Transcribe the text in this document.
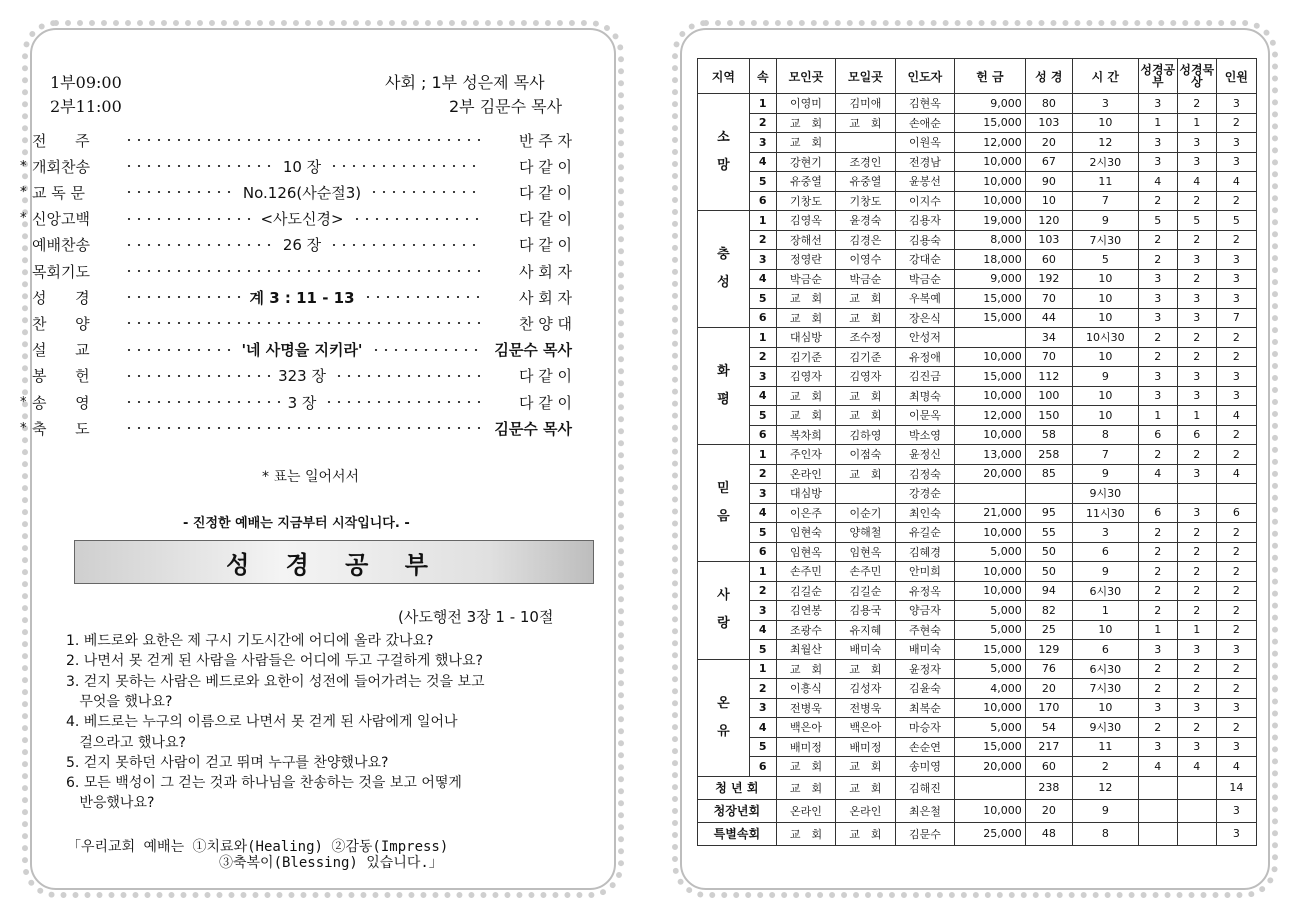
1부09:00
2부11:00
사회 ; 1부 성은제 목사
2부 김문수 목사
전      주	반 주 자
* 개회찬송	10 장	다 같 이
* 교 독 문	No.126(사순절3)	다 같 이
* 신앙고백	<사도신경>	다 같 이
예배찬송	26 장	다 같 이
목회기도	사 회 자
성      경	계 3 : 11 - 13	사 회 자
찬      양	찬 양 대
설      교	'네 사명을 지키라'	김문수 목사
봉      헌	323 장	다 같 이
* 송      영	3 장	다 같 이
* 축      도	김문수 목사
* 표는 일어서서
- 진정한 예배는 지금부터 시작입니다. -
성 경 공 부
(사도행전 3장 1 - 10절
1. 베드로와 요한은 제 구시 기도시간에 어디에 올라 갔나요?
2. 나면서 못 걷게 된 사람을 사람들은 어디에 두고 구걸하게 했나요?
3. 걷지 못하는 사람은 베드로와 요한이 성전에 들어가려는 것을 보고
무엇을 했나요?
4. 베드로는 누구의 이름으로 나면서 못 걷게 된 사람에게 일어나
걸으라고 했나요?
5. 걷지 못하던 사람이 걷고 뛰며 누구를 찬양했나요?
6. 모든 백성이 그 걷는 것과 하나님을 찬송하는 것을 보고 어떻게
반응했나요?
「우리교회 예배는 ①치료와(Healing) ②감동(Impress)
③축복이(Blessing) 있습니다.」
지역	속	모인곳	모일곳	인도자	헌 금	성 경	시 간	성경공부	성경묵상	인원
소

망	1	이영미	김미애	김현옥	9,000	80	3	3	2	3
	2	교　회	교　회	손애순	15,000	103	10	1	1	2
	3	교　회		이원옥	12,000	20	12	3	3	3
	4	강현기	조경인	전경남	10,000	67	2시30	3	3	3
	5	유중열	유중열	윤봉선	10,000	90	11	4	4	4
	6	기창도	기창도	이지수	10,000	10	7	2	2	2
충

성	1	김영옥	윤경숙	김용자	19,000	120	9	5	5	5
	2	장해선	김경은	김용숙	8,000	103	7시30	2	2	2
	3	정영란	이영수	강대순	18,000	60	5	2	3	3
	4	박금순	박금순	박금순	9,000	192	10	3	2	3
	5	교　회	교　회	우복예	15,000	70	10	3	3	3
	6	교　회	교　회	장은식	15,000	44	10	3	3	7
화

평	1	대심방	조수정	안성저		34	10시30	2	2	2
	2	김기준	김기준	유정애	10,000	70	10	2	2	2
	3	김영자	김영자	김진금	15,000	112	9	3	3	3
	4	교　회	교　회	최명숙	10,000	100	10	3	3	3
	5	교　회	교　회	이문옥	12,000	150	10	1	1	4
	6	복차희	김하영	박소영	10,000	58	8	6	6	2
믿

음	1	주인자	이점숙	윤정신	13,000	258	7	2	2	2
	2	온라인	교　회	김정숙	20,000	85	9	4	3	4
	3	대심방		강경순			9시30			
	4	이은주	이순기	최인숙	21,000	95	11시30	6	3	6
	5	임현숙	양해철	유길순	10,000	55	3	2	2	2
	6	임현옥	임현옥	김혜경	5,000	50	6	2	2	2
사

랑	1	손주민	손주민	안미희	10,000	50	9	2	2	2
	2	김길순	김길순	유정옥	10,000	94	6시30	2	2	2
	3	김연봉	김용국	양금자	5,000	82	1	2	2	2
	4	조광수	유지혜	주현숙	5,000	25	10	1	1	2
	5	최월산	배미숙	배미숙	15,000	129	6	3	3	3
온

유	1	교　회	교　회	윤정자	5,000	76	6시30	2	2	2
	2	이흥식	김성자	김윤숙	4,000	20	7시30	2	2	2
	3	전병욱	전병욱	최복순	10,000	170	10	3	3	3
	4	백은아	백은아	마승자	5,000	54	9시30	2	2	2
	5	배미정	배미정	손순연	15,000	217	11	3	3	3
	6	교　회	교　회	송미영	20,000	60	2	4	4	4
청 년 회		교　회	교　회	김해진		238	12			14
청장년회		온라인	온라인	최은철	10,000	20	9			3
특별속회		교　회	교　회	김문수	25,000	48	8			3
